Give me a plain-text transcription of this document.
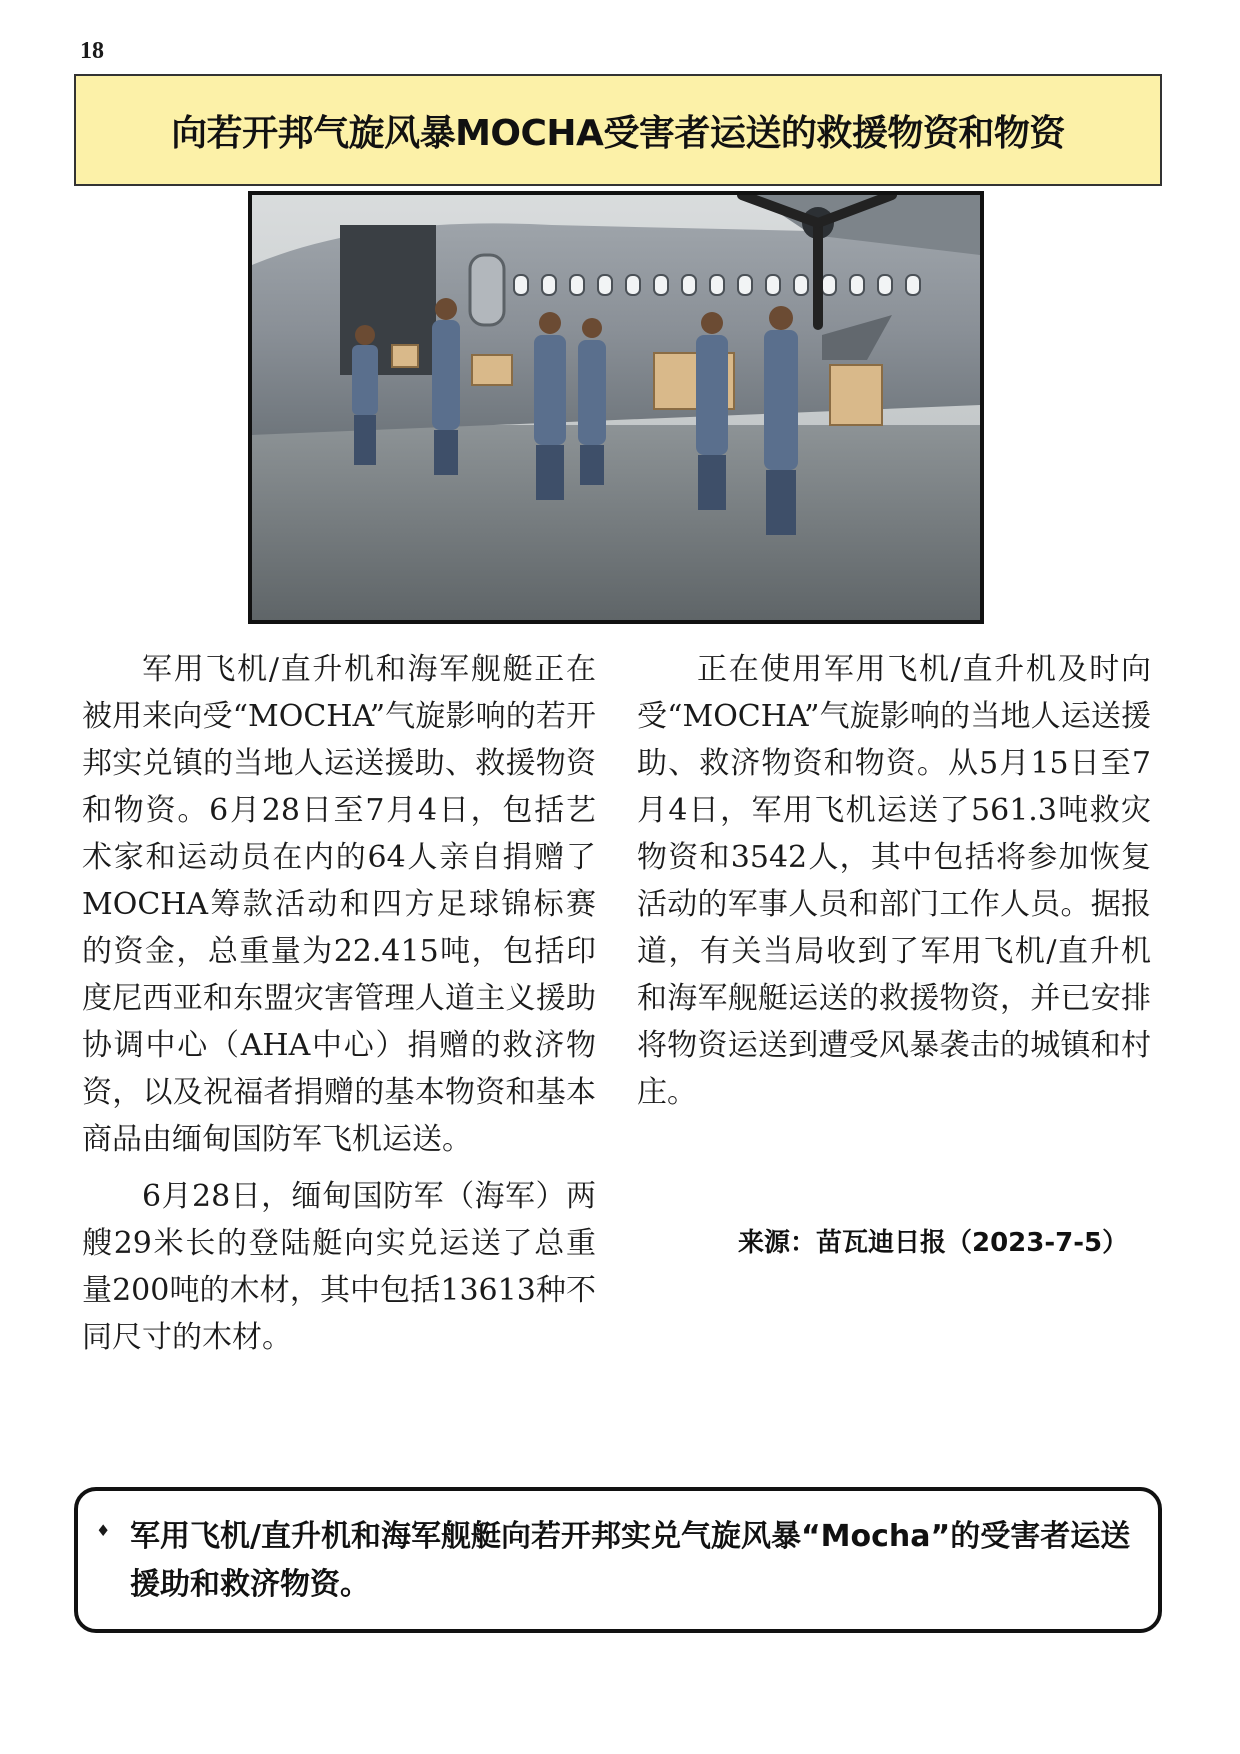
18
向若开邦气旋风暴MOCHA受害者运送的救援物资和物资

军用飞机/直升机和海军舰艇正在被用来向受“MOCHA”气旋影响的若开邦实兑镇的当地人运送援助、救援物资和物资。6月28日至7月4日，包括艺术家和运动员在内的64人亲自捐赠了MOCHA筹款活动和四方足球锦标赛的资金，总重量为22.415吨，包括印度尼西亚和东盟灾害管理人道主义援助协调中心（AHA中心）捐赠的救济物资，以及祝福者捐赠的基本物资和基本商品由缅甸国防军飞机运送。

6月28日，缅甸国防军（海军）两艘29米长的登陆艇向实兑运送了总重量200吨的木材，其中包括13613种不同尺寸的木材。

正在使用军用飞机/直升机及时向受“MOCHA”气旋影响的当地人运送援助、救济物资和物资。从5月15日至7月4日，军用飞机运送了561.3吨救灾物资和3542人，其中包括将参加恢复活动的军事人员和部门工作人员。据报道，有关当局收到了军用飞机/直升机和海军舰艇运送的救援物资，并已安排将物资运送到遭受风暴袭击的城镇和村庄。

来源：苗瓦迪日报（2023-7-5）
♦ 军用飞机/直升机和海军舰艇向若开邦实兑气旋风暴“Mocha”的受害者运送援助和救济物资。
